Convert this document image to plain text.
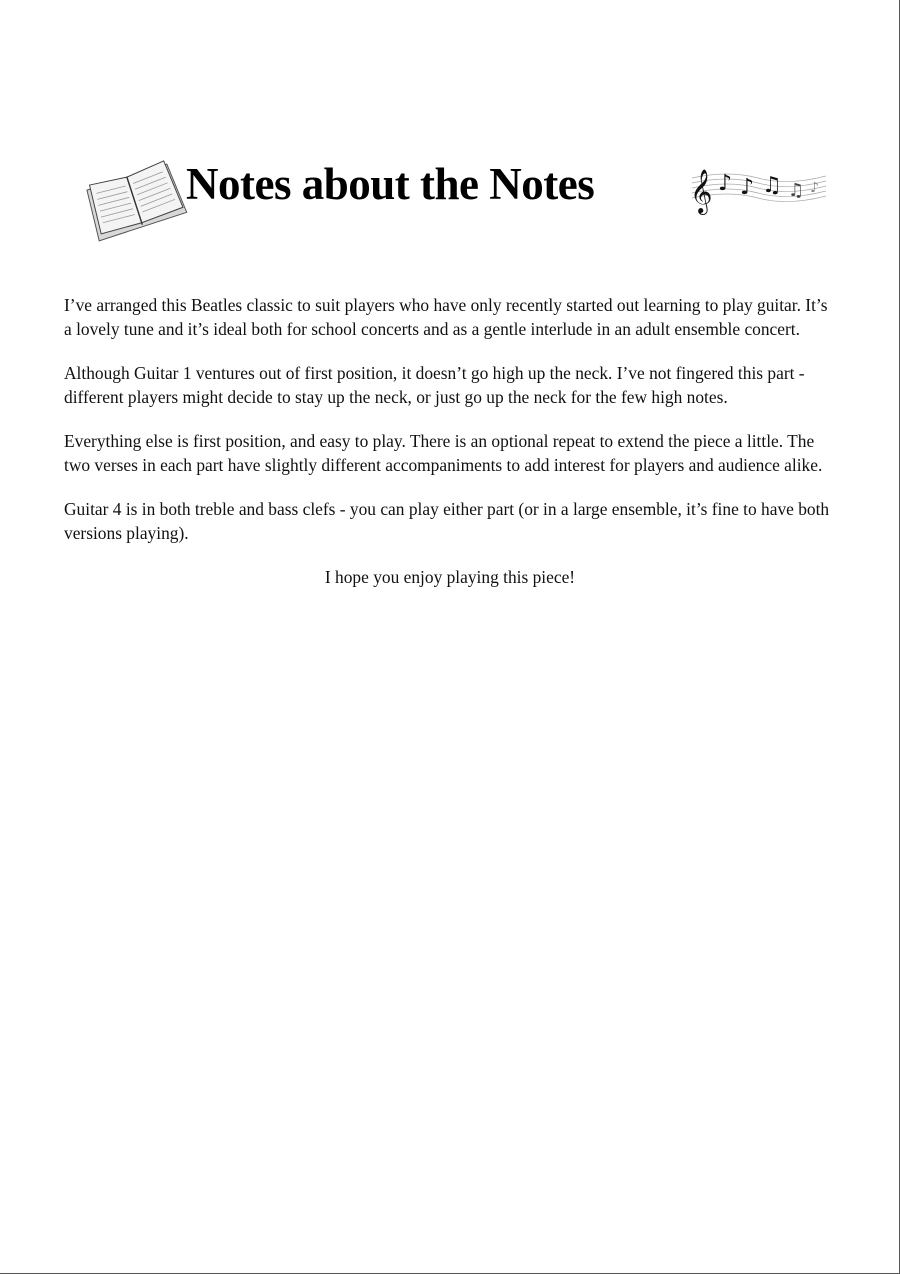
Notes about the Notes	𝄞 ♪ ♪ ♫ ♫ ♪

I’ve arranged this Beatles classic to suit players who have only recently started out learning to play guitar. It’s a lovely tune and it’s ideal both for school concerts and as a gentle interlude in an adult ensemble concert.

Although Guitar 1 ventures out of first position, it doesn’t go high up the neck. I’ve not fingered this part - different players might decide to stay up the neck, or just go up the neck for the few high notes.

Everything else is first position, and easy to play. There is an optional repeat to extend the piece a little. The two verses in each part have slightly different accompaniments to add interest for players and audience alike.

Guitar 4 is in both treble and bass clefs - you can play either part (or in a large ensemble, it’s fine to have both versions playing).

I hope you enjoy playing this piece!
